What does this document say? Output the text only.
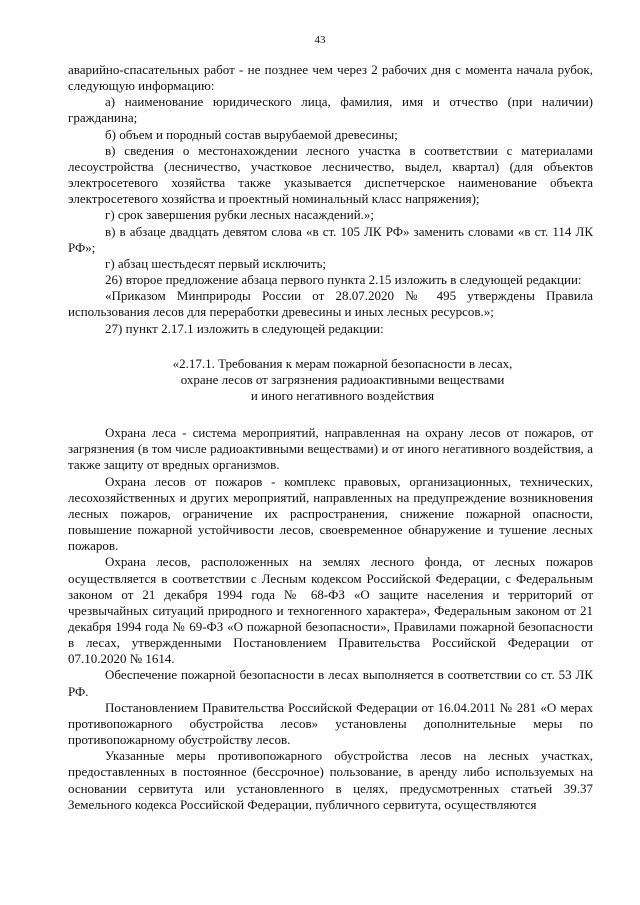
43

аварийно-спасательных работ - не позднее чем через 2 рабочих дня с момента начала рубок, следующую информацию:

а) наименование юридического лица, фамилия, имя и отчество (при наличии) гражданина;

б) объем и породный состав вырубаемой древесины;

в) сведения о местонахождении лесного участка в соответствии с материалами лесоустройства (лесничество, участковое лесничество, выдел, квартал) (для объектов электросетевого хозяйства также указывается диспетчерское наименование объекта электросетевого хозяйства и проектный номинальный класс напряжения);

г) срок завершения рубки лесных насаждений.»;

в) в абзаце двадцать девятом слова «в ст. 105 ЛК РФ» заменить словами «в ст. 114 ЛК РФ»;

г) абзац шестьдесят первый исключить;

26) второе предложение абзаца первого пункта 2.15 изложить в следующей редакции:

«Приказом Минприроды России от 28.07.2020 № 495 утверждены Правила использования лесов для переработки древесины и иных лесных ресурсов.»;

27) пункт 2.17.1 изложить в следующей редакции:

«2.17.1. Требования к мерам пожарной безопасности в лесах,

охране лесов от загрязнения радиоактивными веществами

и иного негативного воздействия

Охрана леса - система мероприятий, направленная на охрану лесов от пожаров, от загрязнения (в том числе радиоактивными веществами) и от иного негативного воздействия, а также защиту от вредных организмов.

Охрана лесов от пожаров - комплекс правовых, организационных, технических, лесохозяйственных и других мероприятий, направленных на предупреждение возникновения лесных пожаров, ограничение их распространения, снижение пожарной опасности, повышение пожарной устойчивости лесов, своевременное обнаружение и тушение лесных пожаров.

Охрана лесов, расположенных на землях лесного фонда, от лесных пожаров осуществляется в соответствии с Лесным кодексом Российской Федерации, с Федеральным законом от 21 декабря 1994 года № 68-ФЗ «О защите населения и территорий от чрезвычайных ситуаций природного и техногенного характера», Федеральным законом от 21 декабря 1994 года № 69-ФЗ «О пожарной безопасности», Правилами пожарной безопасности в лесах, утвержденными Постановлением Правительства Российской Федерации от 07.10.2020 № 1614.

Обеспечение пожарной безопасности в лесах выполняется в соответствии со ст. 53 ЛК РФ.

Постановлением Правительства Российской Федерации от 16.04.2011 № 281 «О мерах противопожарного обустройства лесов» установлены дополнительные меры по противопожарному обустройству лесов.

Указанные меры противопожарного обустройства лесов на лесных участках, предоставленных в постоянное (бессрочное) пользование, в аренду либо используемых на основании сервитута или установленного в целях, предусмотренных статьей 39.37 Земельного кодекса Российской Федерации, публичного сервитута, осуществляются
